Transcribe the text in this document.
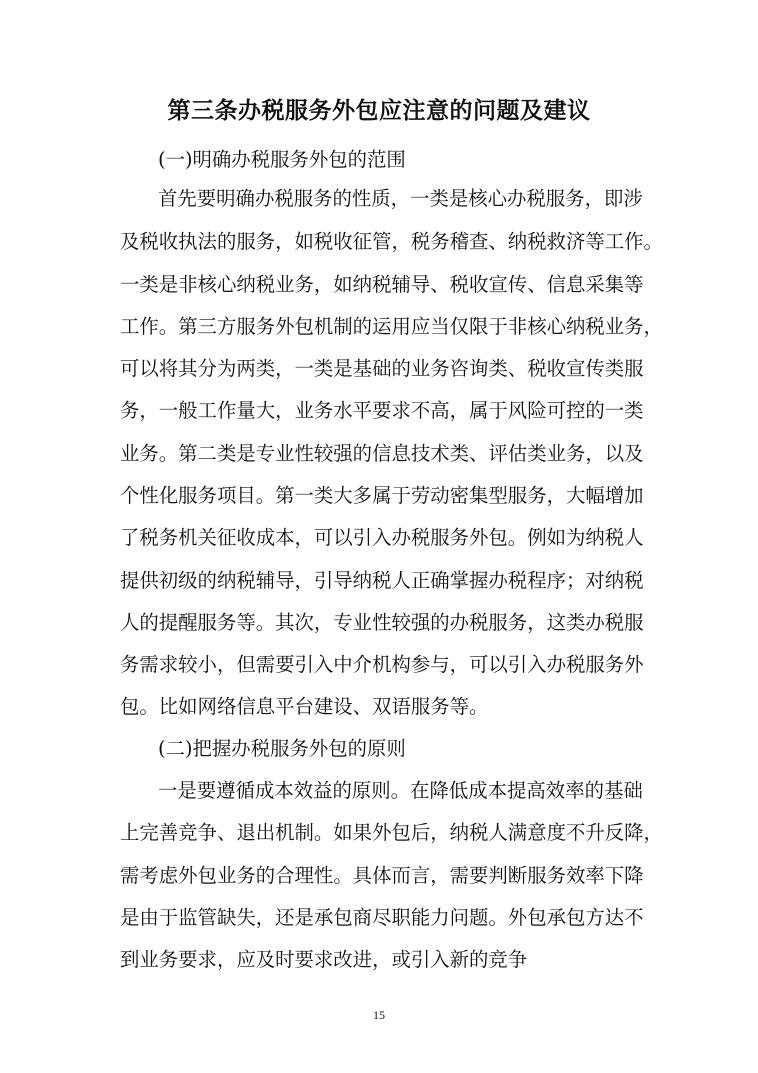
第三条办税服务外包应注意的问题及建议
(一)明确办税服务外包的范围
首先要明确办税服务的性质，一类是核心办税服务，即涉
及税收执法的服务，如税收征管，税务稽查、纳税救济等工作。
一类是非核心纳税业务，如纳税辅导、税收宣传、信息采集等
工作。第三方服务外包机制的运用应当仅限于非核心纳税业务，
可以将其分为两类，一类是基础的业务咨询类、税收宣传类服
务，一般工作量大，业务水平要求不高，属于风险可控的一类
业务。第二类是专业性较强的信息技术类、评估类业务，以及
个性化服务项目。第一类大多属于劳动密集型服务，大幅增加
了税务机关征收成本，可以引入办税服务外包。例如为纳税人
提供初级的纳税辅导，引导纳税人正确掌握办税程序；对纳税
人的提醒服务等。其次，专业性较强的办税服务，这类办税服
务需求较小，但需要引入中介机构参与，可以引入办税服务外
包。比如网络信息平台建设、双语服务等。
(二)把握办税服务外包的原则
一是要遵循成本效益的原则。在降低成本提高效率的基础
上完善竞争、退出机制。如果外包后，纳税人满意度不升反降，
需考虑外包业务的合理性。具体而言，需要判断服务效率下降
是由于监管缺失，还是承包商尽职能力问题。外包承包方达不
到业务要求，应及时要求改进，或引入新的竞争
15
